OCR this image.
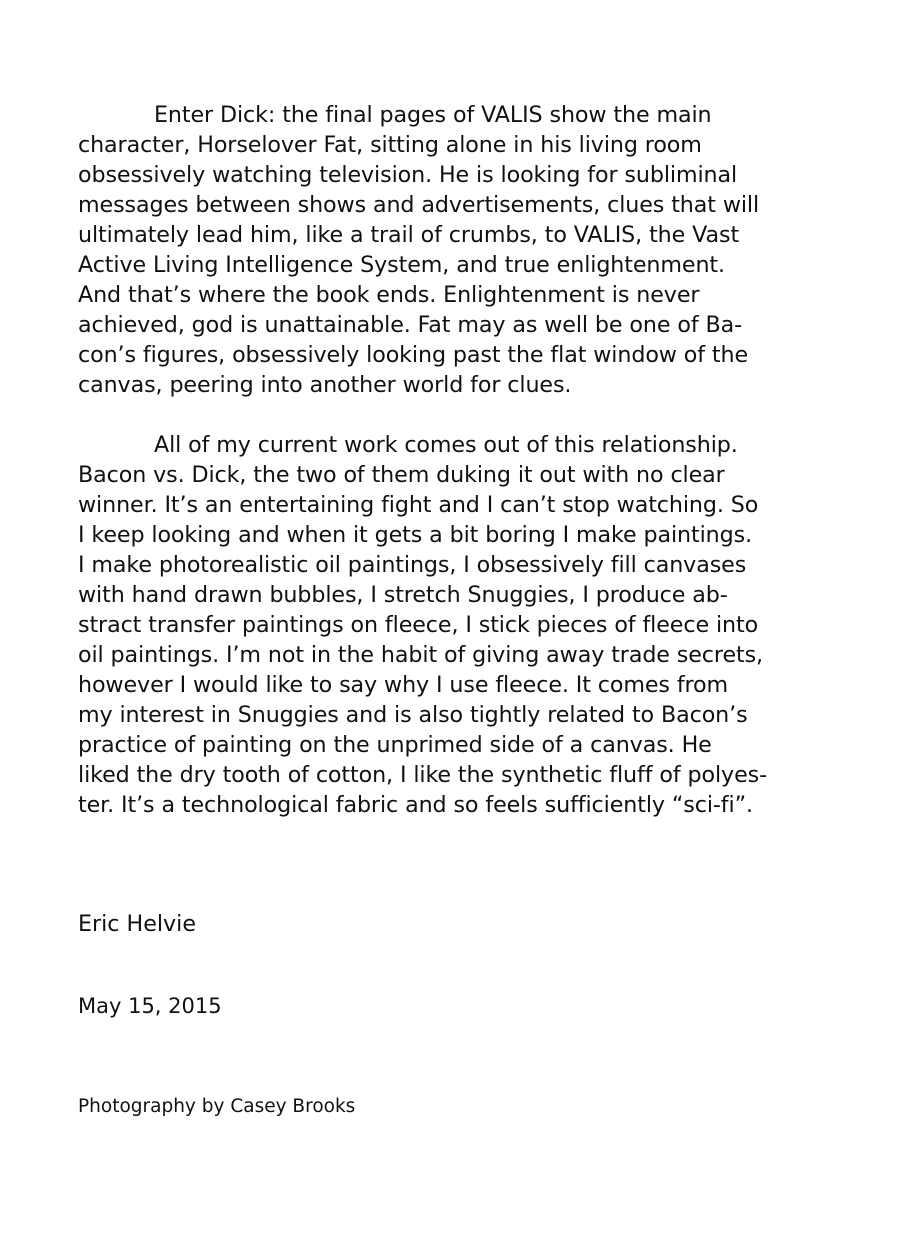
Enter Dick: the final pages of VALIS show the main
character, Horselover Fat, sitting alone in his living room
obsessively watching television. He is looking for subliminal
messages between shows and advertisements, clues that will
ultimately lead him, like a trail of crumbs, to VALIS, the Vast
Active Living Intelligence System, and true enlightenment.
And that’s where the book ends. Enlightenment is never
achieved, god is unattainable. Fat may as well be one of Ba-
con’s figures, obsessively looking past the flat window of the
canvas, peering into another world for clues.
All of my current work comes out of this relationship.
Bacon vs. Dick, the two of them duking it out with no clear
winner. It’s an entertaining fight and I can’t stop watching. So
I keep looking and when it gets a bit boring I make paintings.
I make photorealistic oil paintings, I obsessively fill canvases
with hand drawn bubbles, I stretch Snuggies, I produce ab-
stract transfer paintings on fleece, I stick pieces of fleece into
oil paintings. I’m not in the habit of giving away trade secrets,
however I would like to say why I use fleece. It comes from
my interest in Snuggies and is also tightly related to Bacon’s
practice of painting on the unprimed side of a canvas. He
liked the dry tooth of cotton, I like the synthetic fluff of polyes-
ter. It’s a technological fabric and so feels sufficiently “sci-fi”.
Eric Helvie
May 15, 2015
Photography by Casey Brooks
